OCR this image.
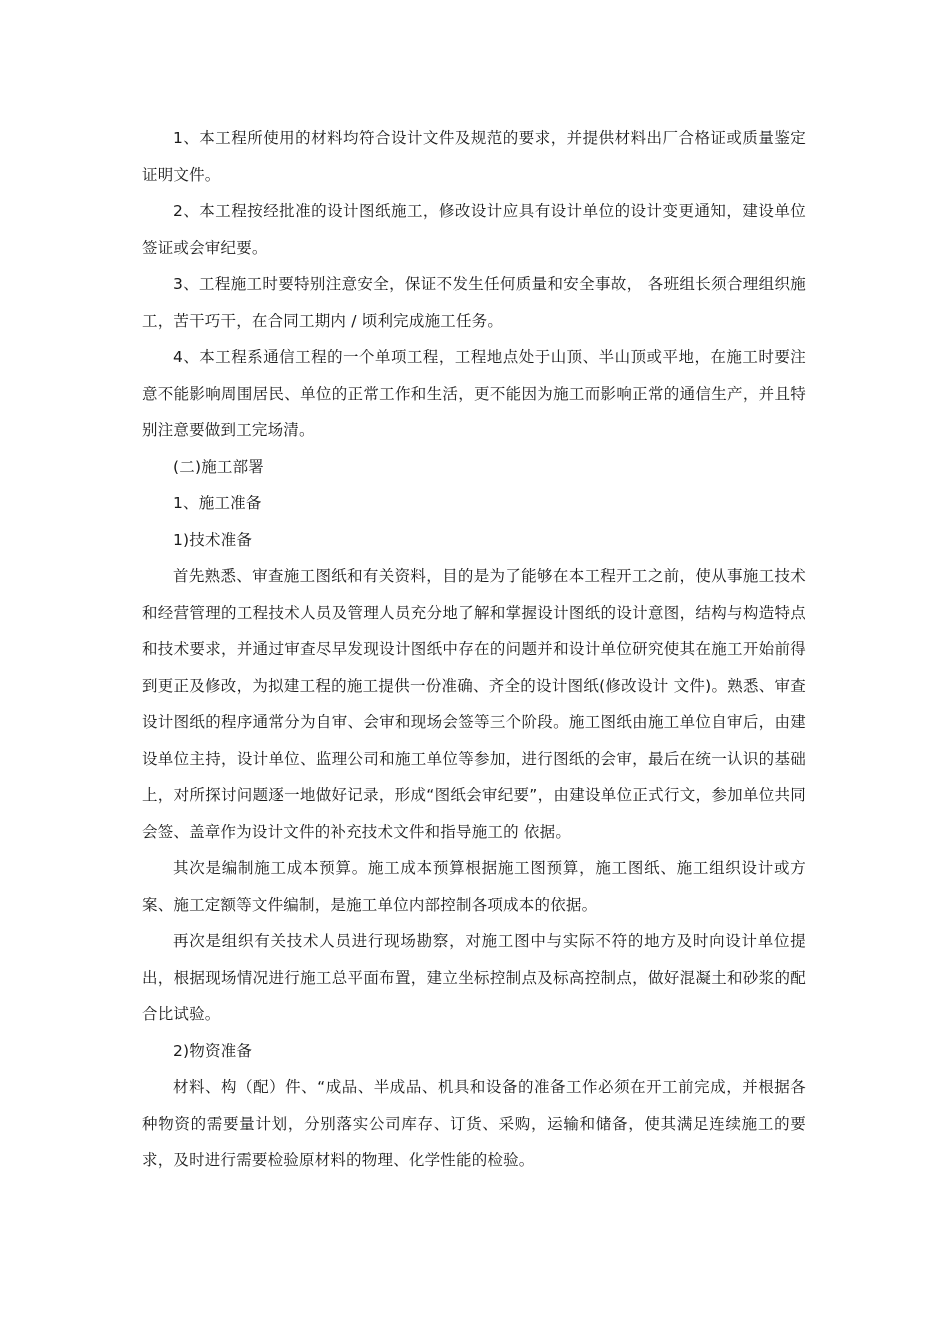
1、本工程所使用的材料均符合设计文件及规范的要求，并提供材料出厂合格证或质量鉴定证明文件。

2、本工程按经批准的设计图纸施工，修改设计应具有设计单位的设计变更通知，建设单位签证或会审纪要。

3、工程施工时要特别注意安全，保证不发生任何质量和安全事故， 各班组长须合理组织施工，苦干巧干，在合同工期内 / 顷利完成施工任务。

4、本工程系通信工程的一个单项工程，工程地点处于山顶、半山顶或平地，在施工时要注意不能影响周围居民、单位的正常工作和生活，更不能因为施工而影响正常的通信生产，并且特别注意要做到工完场清。

(二)施工部署

1、施工准备

1)技术准备

首先熟悉、审查施工图纸和有关资料，目的是为了能够在本工程开工之前，使从事施工技术和经营管理的工程技术人员及管理人员充分地了解和掌握设计图纸的设计意图，结构与构造特点和技术要求，并通过审查尽早发现设计图纸中存在的问题并和设计单位研究使其在施工开始前得到更正及修改，为拟建工程的施工提供一份准确、齐全的设计图纸(修改设计 文件)。熟悉、审查设计图纸的程序通常分为自审、会审和现场会签等三个阶段。施工图纸由施工单位自审后，由建设单位主持，设计单位、监理公司和施工单位等参加，进行图纸的会审，最后在统一认识的基础上，对所探讨问题逐一地做好记录，形成“图纸会审纪要”，由建设单位正式行文，参加单位共同会签、盖章作为设计文件的补充技术文件和指导施工的 依据。

其次是编制施工成本预算。施工成本预算根据施工图预算，施工图纸、施工组织设计或方案、施工定额等文件编制，是施工单位内部控制各项成本的依据。

再次是组织有关技术人员进行现场勘察，对施工图中与实际不符的地方及时向设计单位提出，根据现场情况进行施工总平面布置，建立坐标控制点及标高控制点，做好混凝土和砂浆的配合比试验。

2)物资准备

材料、构（配）件、“成品、半成品、机具和设备的准备工作必须在开工前完成，并根据各种物资的需要量计划，分别落实公司库存、订货、采购，运输和储备，使其满足连续施工的要求，及时进行需要检验原材料的物理、化学性能的检验。
